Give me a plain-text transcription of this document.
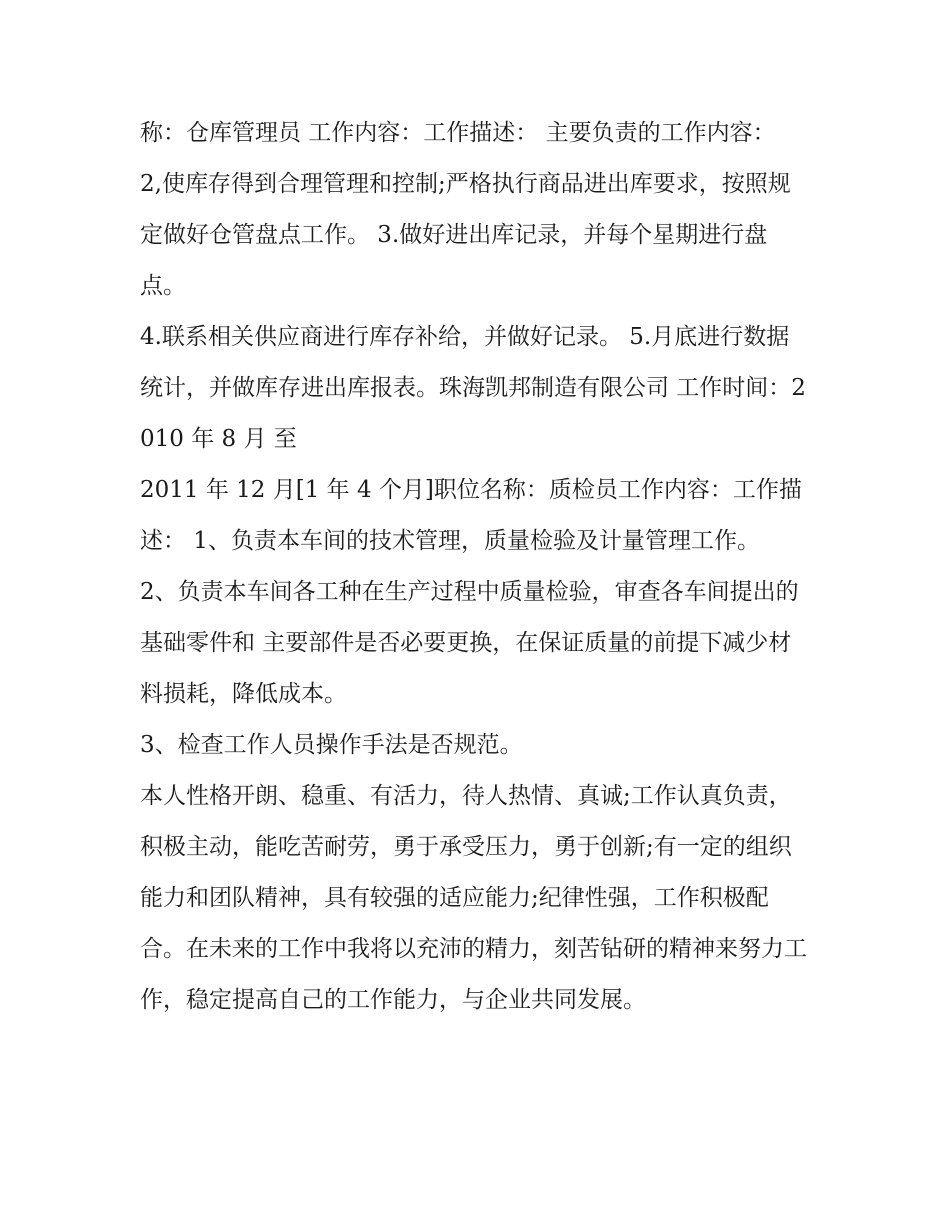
称：仓库管理员 工作内容：工作描述： 主要负责的工作内容：

2,使库存得到合理管理和控制;严格执行商品进出库要求，按照规定做好仓管盘点工作。 3.做好进出库记录，并每个星期进行盘点。

4.联系相关供应商进行库存补给，并做好记录。 5.月底进行数据统计，并做库存进出库报表。珠海凯邦制造有限公司 工作时间：2010 年 8 月 至

2011 年 12 月[1 年 4 个月]职位名称：质检员工作内容：工作描述： 1、负责本车间的技术管理，质量检验及计量管理工作。

2、负责本车间各工种在生产过程中质量检验，审查各车间提出的基础零件和 主要部件是否必要更换，在保证质量的前提下减少材料损耗，降低成本。

3、检查工作人员操作手法是否规范。

本人性格开朗、稳重、有活力，待人热情、真诚;工作认真负责，积极主动，能吃苦耐劳，勇于承受压力，勇于创新;有一定的组织能力和团队精神，具有较强的适应能力;纪律性强，工作积极配合。在未来的工作中我将以充沛的精力，刻苦钻研的精神来努力工作，稳定提高自己的工作能力，与企业共同发展。
